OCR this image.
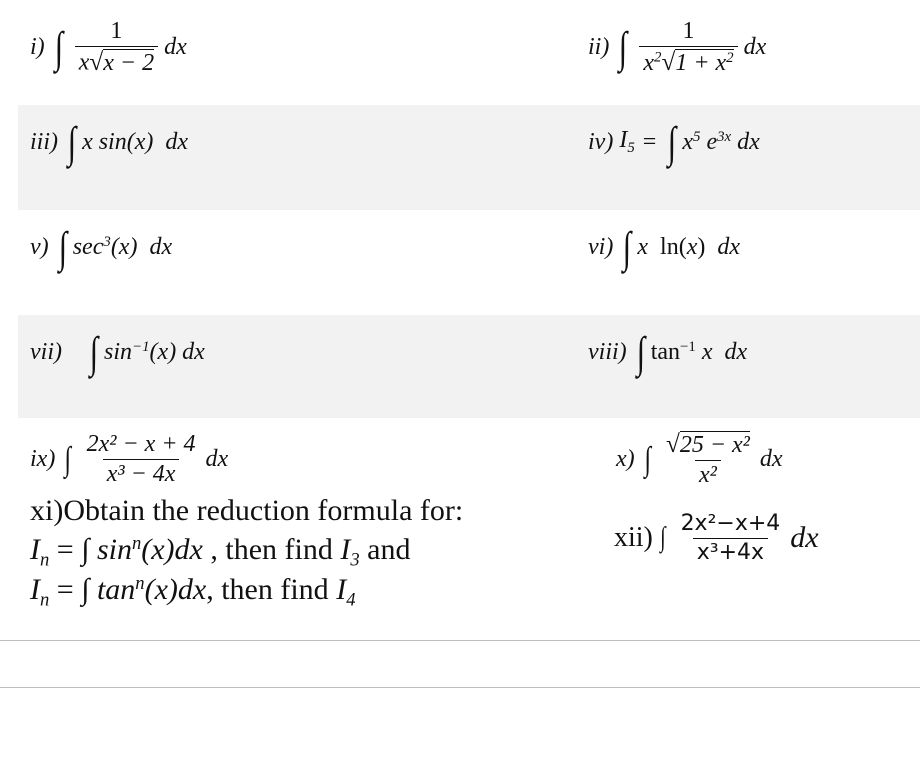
i) ∫ $\frac{1}{x √ x - 2}$ dx	ii) ∫ $\frac{1}{x^2 √ 1 + x^2}$ dx
iii) ∫ x sin(x)  dx	iv) $I_5$ = ∫ $x^5$ $e^{3x}$ dx
v) ∫ $\sec^3(x)$  dx	vi) ∫ x ln(x) dx
vii) ∫ $\sin^{-1}(x)$ dx	viii) ∫ $\tan^{-1} x$ dx
ix) ∫ $\frac{\text{2x² − x + 4}}{\text{x³ − 4x}}$ dx	x) ∫ $\frac{\text{√ 25 − x²}}{\text{x²}}$ dx
xii) ∫ $\frac{\text{2x²−x+4}}{\text{x³+4x}}$ dx
xi)Obtain the reduction formula for:
$I_n$ = ∫ $\sin^n(x)dx$ , then find $I_3$ and
$I_n$ = ∫ $\tan^n(x)dx$, then find $I_4$
